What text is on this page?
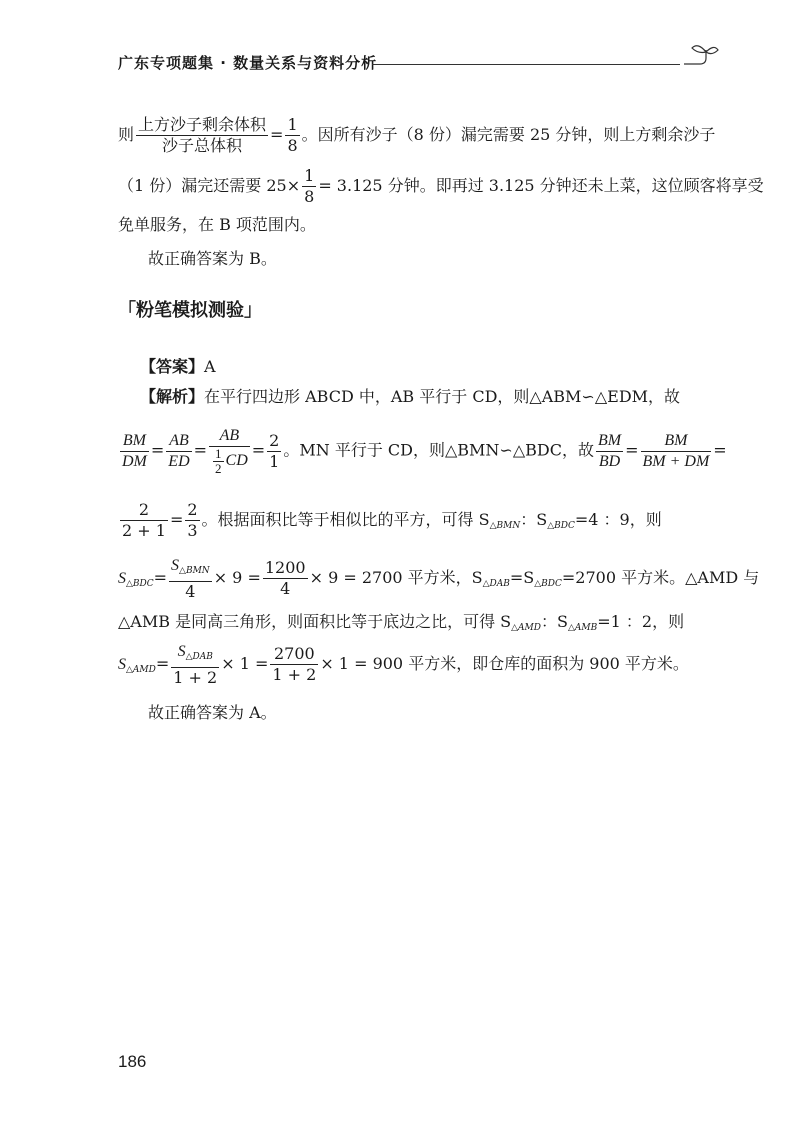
广东专项题集 · 数量关系与资料分析
则 $\frac{\text{上方沙子剩余体积}}{\text{沙子总体积}} = \frac{1}{8}$ 。因所有沙子（8 份）漏完需要 25 分钟，则上方剩余沙子
（1 份）漏完还需要 $25\times \frac{1}{8} = 3.125$ 分钟。即再过 3.125 分钟还未上菜，这位顾客将享受
免单服务，在 B 项范围内。
故正确答案为 B。
「粉笔模拟测验」
【答案】A
【解析】在平行四边形 ABCD 中，AB 平行于 CD，则△ABM∽△EDM，故
$\frac{BM}{DM} = \frac{AB}{ED} = \frac{AB}{\frac{1}{2} CD} = \frac{2}{1}$ 。MN 平行于 CD，则△BMN∽△BDC，故 $\frac{BM}{BD} = \frac{BM}{BM + DM}$ =
$\frac{2}{2 + 1} = \frac{2}{3}$ 。根据面积比等于相似比的平方，可得 $S_{\triangle BMN}$：$S_{\triangle BDC}=4$ ：9，则
$S_{\triangle BDC}= \frac{S_{\triangle BMN}}{4} \times 9 = \frac{1200}{4} \times 9 = 2700$ 平方米，$S_{\triangle DAB}=S_{\triangle BDC}=2700$ 平方米。△AMD 与
△AMB 是同高三角形，则面积比等于底边之比，可得 $S_{\triangle AMD}$：$S_{\triangle AMB}=1$ ：2，则
$S_{\triangle AMD}= \frac{S_{\triangle DAB}}{1 + 2} \times 1 = \frac{2700}{1 + 2} \times 1 = 900$ 平方米，即仓库的面积为 900 平方米。
故正确答案为 A。
186
